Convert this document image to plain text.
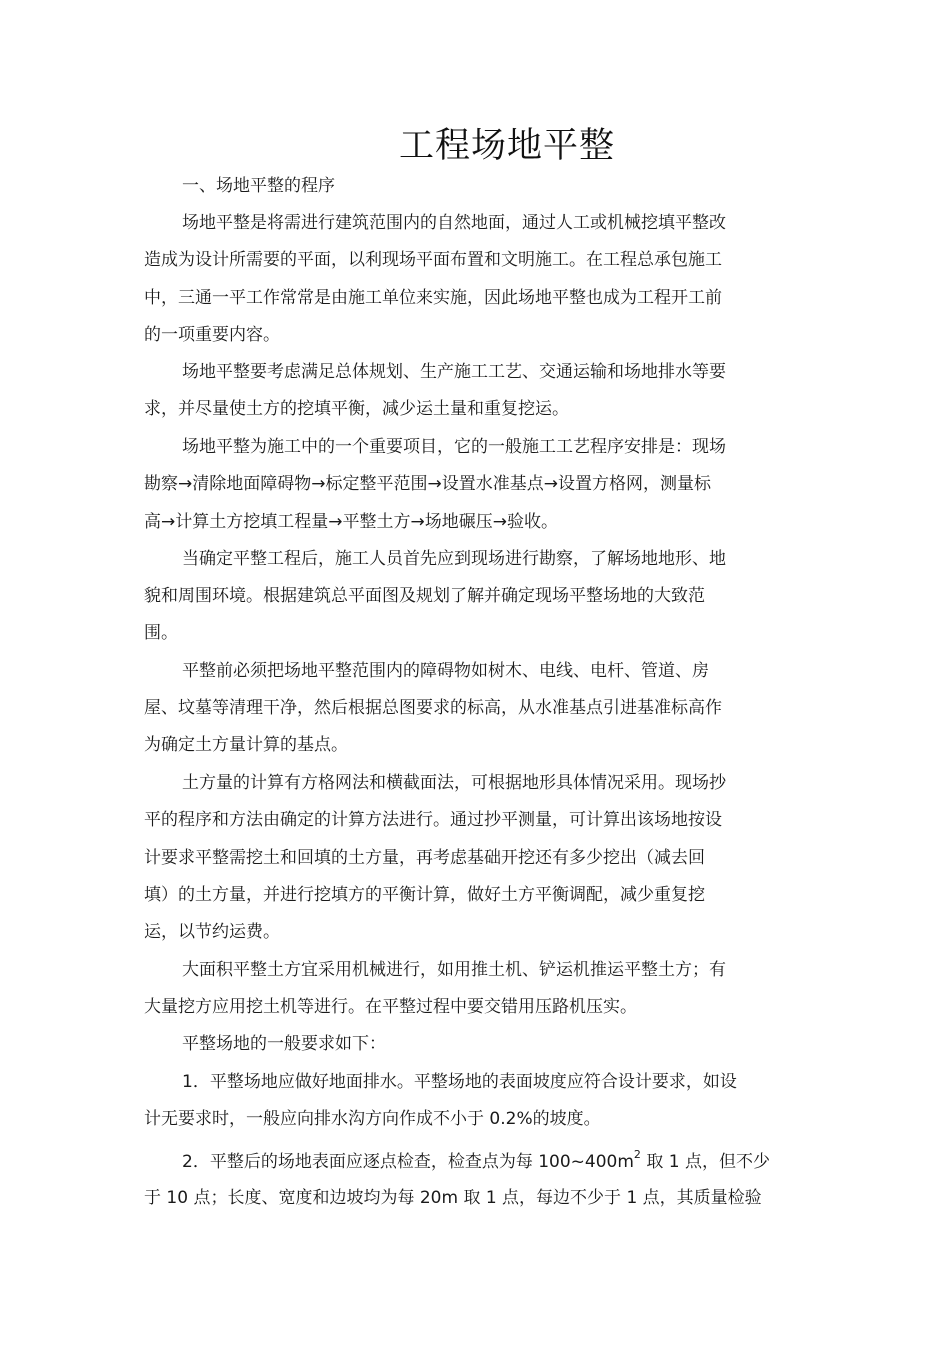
工程场地平整
一、场地平整的程序
场地平整是将需进行建筑范围内的自然地面，通过人工或机械挖填平整改
造成为设计所需要的平面，以利现场平面布置和文明施工。在工程总承包施工
中，三通一平工作常常是由施工单位来实施，因此场地平整也成为工程开工前
的一项重要内容。
场地平整要考虑满足总体规划、生产施工工艺、交通运输和场地排水等要
求，并尽量使土方的挖填平衡，减少运土量和重复挖运。
场地平整为施工中的一个重要项目，它的一般施工工艺程序安排是：现场
勘察→清除地面障碍物→标定整平范围→设置水准基点→设置方格网，测量标
高→计算土方挖填工程量→平整土方→场地碾压→验收。
当确定平整工程后，施工人员首先应到现场进行勘察，了解场地地形、地
貌和周围环境。根据建筑总平面图及规划了解并确定现场平整场地的大致范
围。
平整前必须把场地平整范围内的障碍物如树木、电线、电杆、管道、房
屋、坟墓等清理干净，然后根据总图要求的标高，从水准基点引进基准标高作
为确定土方量计算的基点。
土方量的计算有方格网法和横截面法，可根据地形具体情况采用。现场抄
平的程序和方法由确定的计算方法进行。通过抄平测量，可计算出该场地按设
计要求平整需挖土和回填的土方量，再考虑基础开挖还有多少挖出（减去回
填）的土方量，并进行挖填方的平衡计算，做好土方平衡调配，减少重复挖
运，以节约运费。
大面积平整土方宜采用机械进行，如用推土机、铲运机推运平整土方；有
大量挖方应用挖土机等进行。在平整过程中要交错用压路机压实。
平整场地的一般要求如下：
1．平整场地应做好地面排水。平整场地的表面坡度应符合设计要求，如设
计无要求时，一般应向排水沟方向作成不小于 0.2%的坡度。
2．平整后的场地表面应逐点检查，检查点为每 $100\sim 400m^2$ 取 1 点，但不少
于 10 点；长度、宽度和边坡均为每 20m 取 1 点，每边不少于 1 点，其质量检验
